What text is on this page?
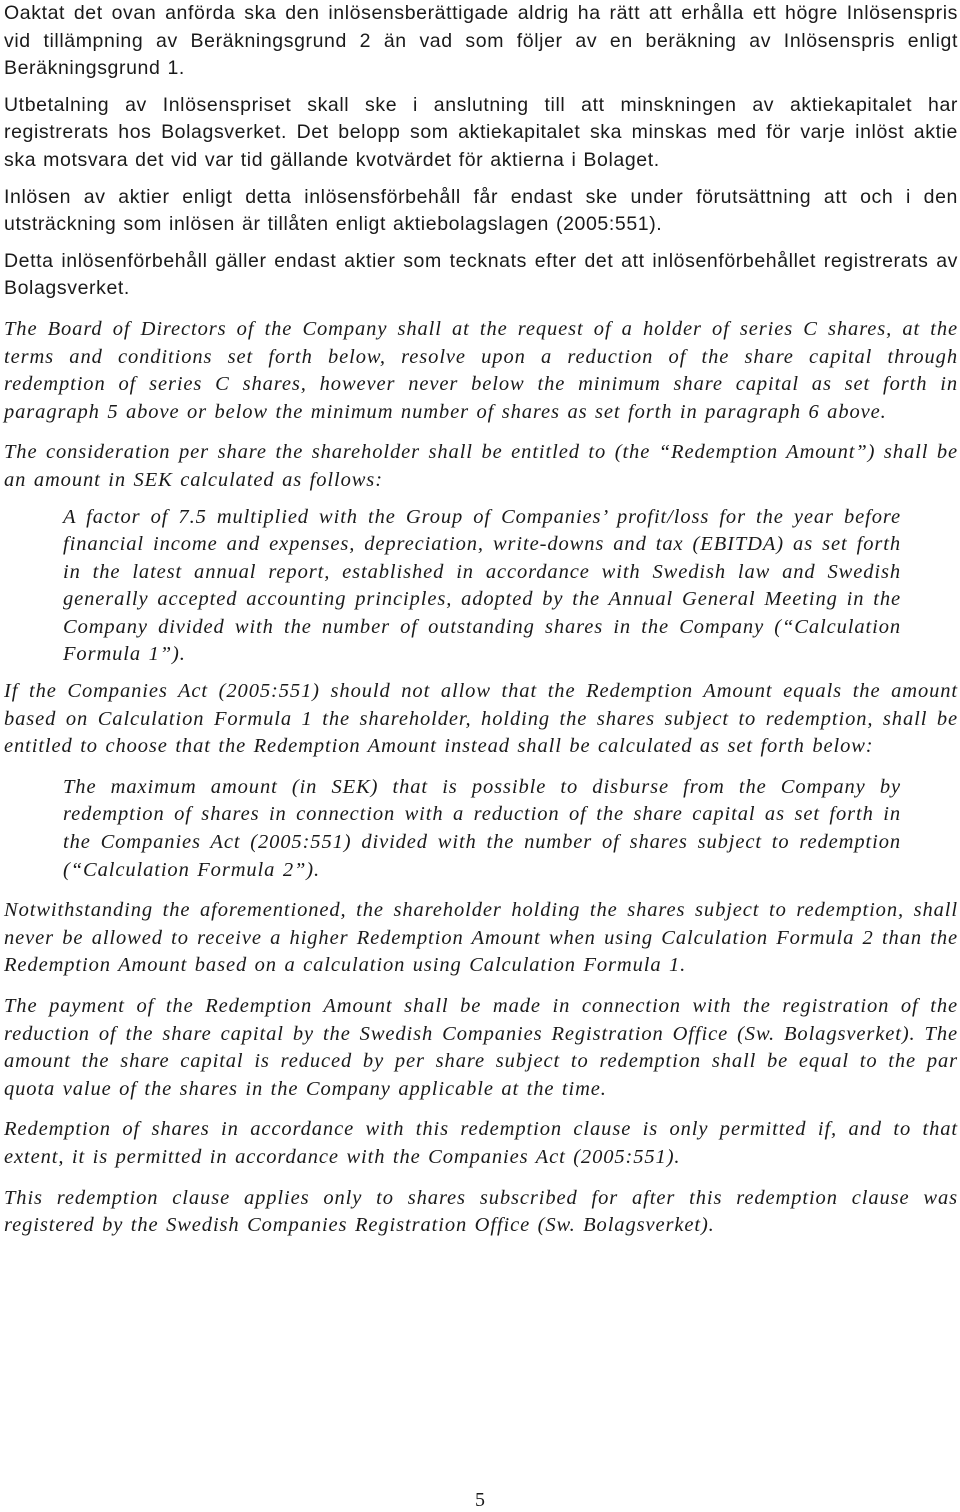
Oaktat det ovan anförda ska den inlösensberättigade aldrig ha rätt att erhålla ett högre Inlösenspris vid tillämpning av Beräkningsgrund 2 än vad som följer av en beräkning av Inlösenspris enligt Beräkningsgrund 1.

Utbetalning av Inlösenspriset skall ske i anslutning till att minskningen av aktiekapitalet har registrerats hos Bolagsverket. Det belopp som aktiekapitalet ska minskas med för varje inlöst aktie ska motsvara det vid var tid gällande kvotvärdet för aktierna i Bolaget.

Inlösen av aktier enligt detta inlösensförbehåll får endast ske under förutsättning att och i den utsträckning som inlösen är tillåten enligt aktiebolagslagen (2005:551).

Detta inlösenförbehåll gäller endast aktier som tecknats efter det att inlösenförbehållet registrerats av Bolagsverket.

The Board of Directors of the Company shall at the request of a holder of series C shares, at the terms and conditions set forth below, resolve upon a reduction of the share capital through redemption of series C shares, however never below the minimum share capital as set forth in paragraph 5 above or below the minimum number of shares as set forth in paragraph 6 above.

The consideration per share the shareholder shall be entitled to (the “Redemption Amount”) shall be an amount in SEK calculated as follows:

A factor of 7.5 multiplied with the Group of Companies’ profit/loss for the year before financial income and expenses, depreciation, write-downs and tax (EBITDA) as set forth in the latest annual report, established in accordance with Swedish law and Swedish generally accepted accounting principles, adopted by the Annual General Meeting in the Company divided with the number of outstanding shares in the Company (“Calculation Formula 1”).

If the Companies Act (2005:551) should not allow that the Redemption Amount equals the amount based on Calculation Formula 1 the shareholder, holding the shares subject to redemption, shall be entitled to choose that the Redemption Amount instead shall be calculated as set forth below:

The maximum amount (in SEK) that is possible to disburse from the Company by redemption of shares in connection with a reduction of the share capital as set forth in the Companies Act (2005:551) divided with the number of shares subject to redemption (“Calculation Formula 2”).

Notwithstanding the aforementioned, the shareholder holding the shares subject to redemption, shall never be allowed to receive a higher Redemption Amount when using Calculation Formula 2 than the Redemption Amount based on a calculation using Calculation Formula 1.

The payment of the Redemption Amount shall be made in connection with the registration of the reduction of the share capital by the Swedish Companies Registration Office (Sw. Bolagsverket). The amount the share capital is reduced by per share subject to redemption shall be equal to the par quota value of the shares in the Company applicable at the time.

Redemption of shares in accordance with this redemption clause is only permitted if, and to that extent, it is permitted in accordance with the Companies Act (2005:551).

This redemption clause applies only to shares subscribed for after this redemption clause was registered by the Swedish Companies Registration Office (Sw. Bolagsverket).

5
